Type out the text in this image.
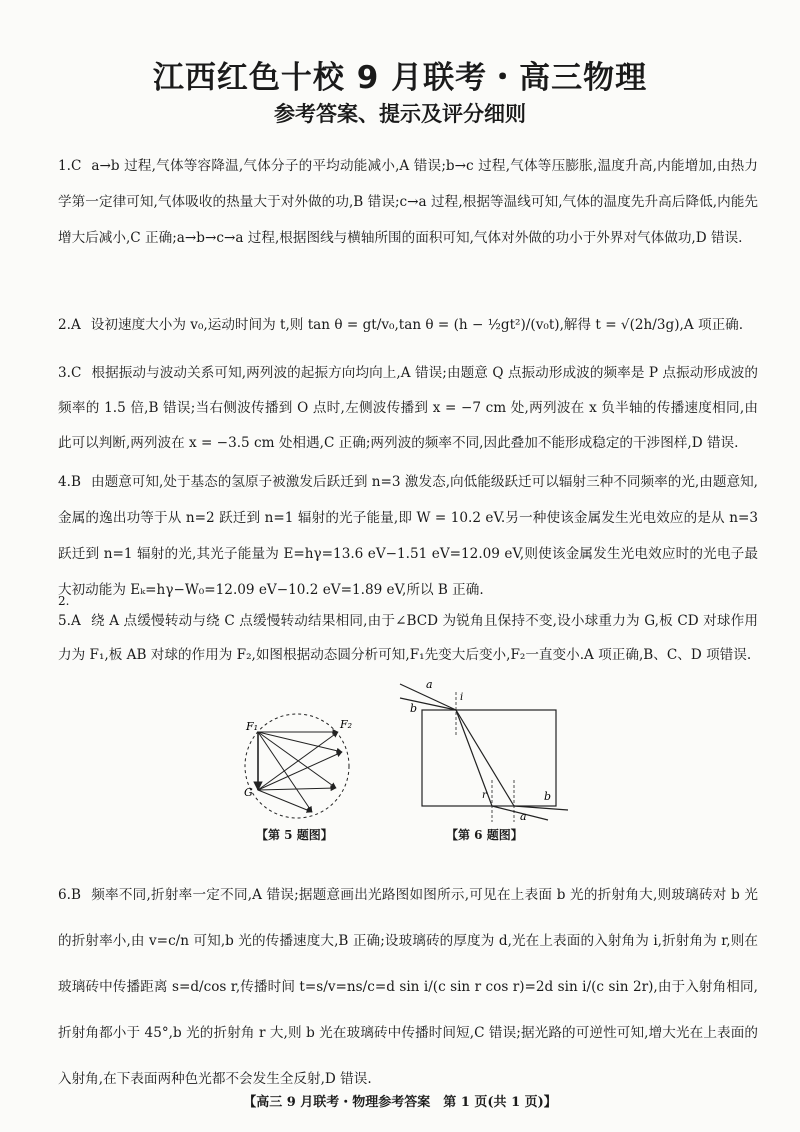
江西红色十校 9 月联考・高三物理
参考答案、提示及评分细则

1.C a→b 过程,气体等容降温,气体分子的平均动能减小,A 错误;b→c 过程,气体等压膨胀,温度升高,内能增加,由热力学第一定律可知,气体吸收的热量大于对外做的功,B 错误;c→a 过程,根据等温线可知,气体的温度先升高后降低,内能先增大后减小,C 正确;a→b→c→a 过程,根据图线与横轴所围的面积可知,气体对外做的功小于外界对气体做功,D 错误.

2.A 设初速度大小为 v₀,运动时间为 t,则 tan θ = gt/v₀,tan θ = (h − ½gt²)/(v₀t),解得 t = √(2h/3g),A 项正确.

3.C 根据振动与波动关系可知,两列波的起振方向均向上,A 错误;由题意 Q 点振动形成波的频率是 P 点振动形成波的频率的 1.5 倍,B 错误;当右侧波传播到 O 点时,左侧波传播到 x = −7 cm 处,两列波在 x 负半轴的传播速度相同,由此可以判断,两列波在 x = −3.5 cm 处相遇,C 正确;两列波的频率不同,因此叠加不能形成稳定的干涉图样,D 错误.

4.B 由题意可知,处于基态的氢原子被激发后跃迁到 n=3 激发态,向低能级跃迁可以辐射三种不同频率的光,由题意知,金属的逸出功等于从 n=2 跃迁到 n=1 辐射的光子能量,即 W = 10.2 eV.另一种使该金属发生光电效应的是从 n=3 跃迁到 n=1 辐射的光,其光子能量为 E=hγ=13.6 eV−1.51 eV=12.09 eV,则使该金属发生光电效应时的光电子最大初动能为 Eₖ=hγ−W₀=12.09 eV−10.2 eV=1.89 eV,所以 B 正确.

2.

5.A 绕 A 点缓慢转动与绕 C 点缓慢转动结果相同,由于∠BCD 为锐角且保持不变,设小球重力为 G,板 CD 对球作用力为 F₁,板 AB 对球的作用为 F₂,如图根据动态圆分析可知,F₁先变大后变小,F₂一直变小.A 项正确,B、C、D 项错误.

F₁	F₂
G

【第 5 题图】

a
b
i
r
a
b

【第 6 题图】

6.B 频率不同,折射率一定不同,A 错误;据题意画出光路图如图所示,可见在上表面 b 光的折射角大,则玻璃砖对 b 光的折射率小,由 v=c/n 可知,b 光的传播速度大,B 正确;设玻璃砖的厚度为 d,光在上表面的入射角为 i,折射角为 r,则在玻璃砖中传播距离 s=d/cos r,传播时间 t=s/v=ns/c=d sin i/(c sin r cos r)=2d sin i/(c sin 2r),由于入射角相同,折射角都小于 45°,b 光的折射角 r 大,则 b 光在玻璃砖中传播时间短,C 错误;据光路的可逆性可知,增大光在上表面的入射角,在下表面两种色光都不会发生全反射,D 错误.

【高三 9 月联考・物理参考答案　第 1 页(共 1 页)】
